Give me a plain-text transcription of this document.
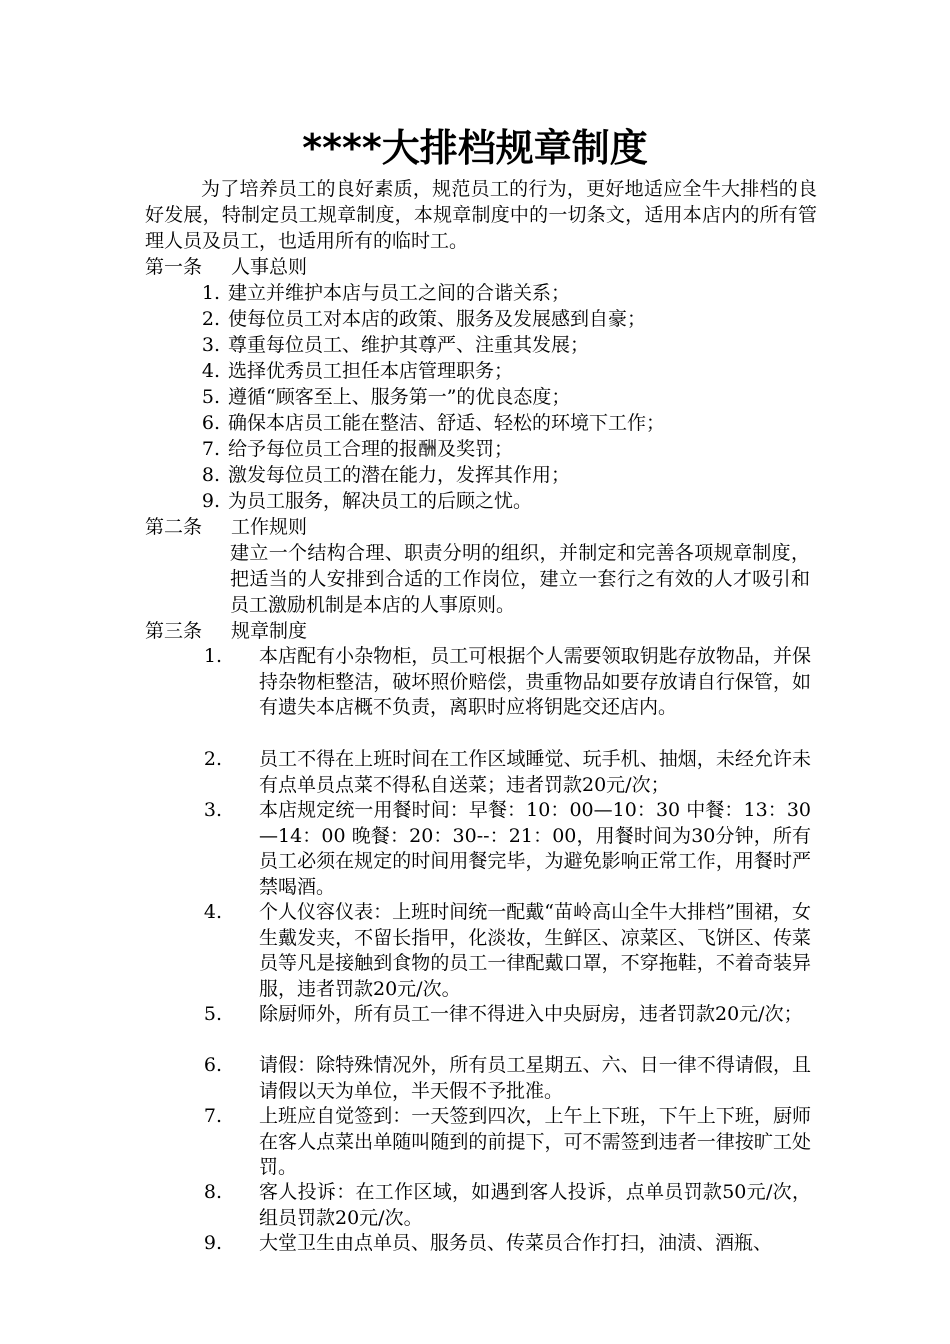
****大排档规章制度
为了培养员工的良好素质，规范员工的行为，更好地适应全牛大排档的良好发展，特制定员工规章制度，本规章制度中的一切条文，适用本店内的所有管理人员及员工，也适用所有的临时工。
第一条 人事总则
1. 建立并维护本店与员工之间的合谐关系；
2. 使每位员工对本店的政策、服务及发展感到自豪；
3. 尊重每位员工、维护其尊严、注重其发展；
4. 选择优秀员工担任本店管理职务；
5. 遵循“顾客至上、服务第一”的优良态度；
6. 确保本店员工能在整洁、舒适、轻松的环境下工作；
7. 给予每位员工合理的报酬及奖罚；
8. 激发每位员工的潜在能力，发挥其作用；
9. 为员工服务，解决员工的后顾之忧。
第二条 工作规则
建立一个结构合理、职责分明的组织，并制定和完善各项规章制度，把适当的人安排到合适的工作岗位，建立一套行之有效的人才吸引和员工激励机制是本店的人事原则。
第三条 规章制度
1. 本店配有小杂物柜，员工可根据个人需要领取钥匙存放物品，并保持杂物柜整洁，破坏照价赔偿，贵重物品如要存放请自行保管，如有遗失本店概不负责，离职时应将钥匙交还店内。
2. 员工不得在上班时间在工作区域睡觉、玩手机、抽烟，未经允许未有点单员点菜不得私自送菜；违者罚款20元/次；
3. 本店规定统一用餐时间：早餐：10：00—10：30 中餐：13：30—14：00 晚餐：20：30--：21：00，用餐时间为30分钟，所有员工必须在规定的时间用餐完毕，为避免影响正常工作，用餐时严禁喝酒。
4. 个人仪容仪表：上班时间统一配戴“苗岭高山全牛大排档”围裙，女生戴发夹，不留长指甲，化淡妆，生鲜区、凉菜区、飞饼区、传菜员等凡是接触到食物的员工一律配戴口罩，不穿拖鞋，不着奇装异服，违者罚款20元/次。
5. 除厨师外，所有员工一律不得进入中央厨房，违者罚款20元/次；
6. 请假：除特殊情况外，所有员工星期五、六、日一律不得请假，且请假以天为单位，半天假不予批准。
7. 上班应自觉签到：一天签到四次，上午上下班，下午上下班，厨师在客人点菜出单随叫随到的前提下，可不需签到违者一律按旷工处罚。
8. 客人投诉：在工作区域，如遇到客人投诉，点单员罚款50元/次，组员罚款20元/次。
9. 大堂卫生由点单员、服务员、传菜员合作打扫，油渍、酒瓶、
